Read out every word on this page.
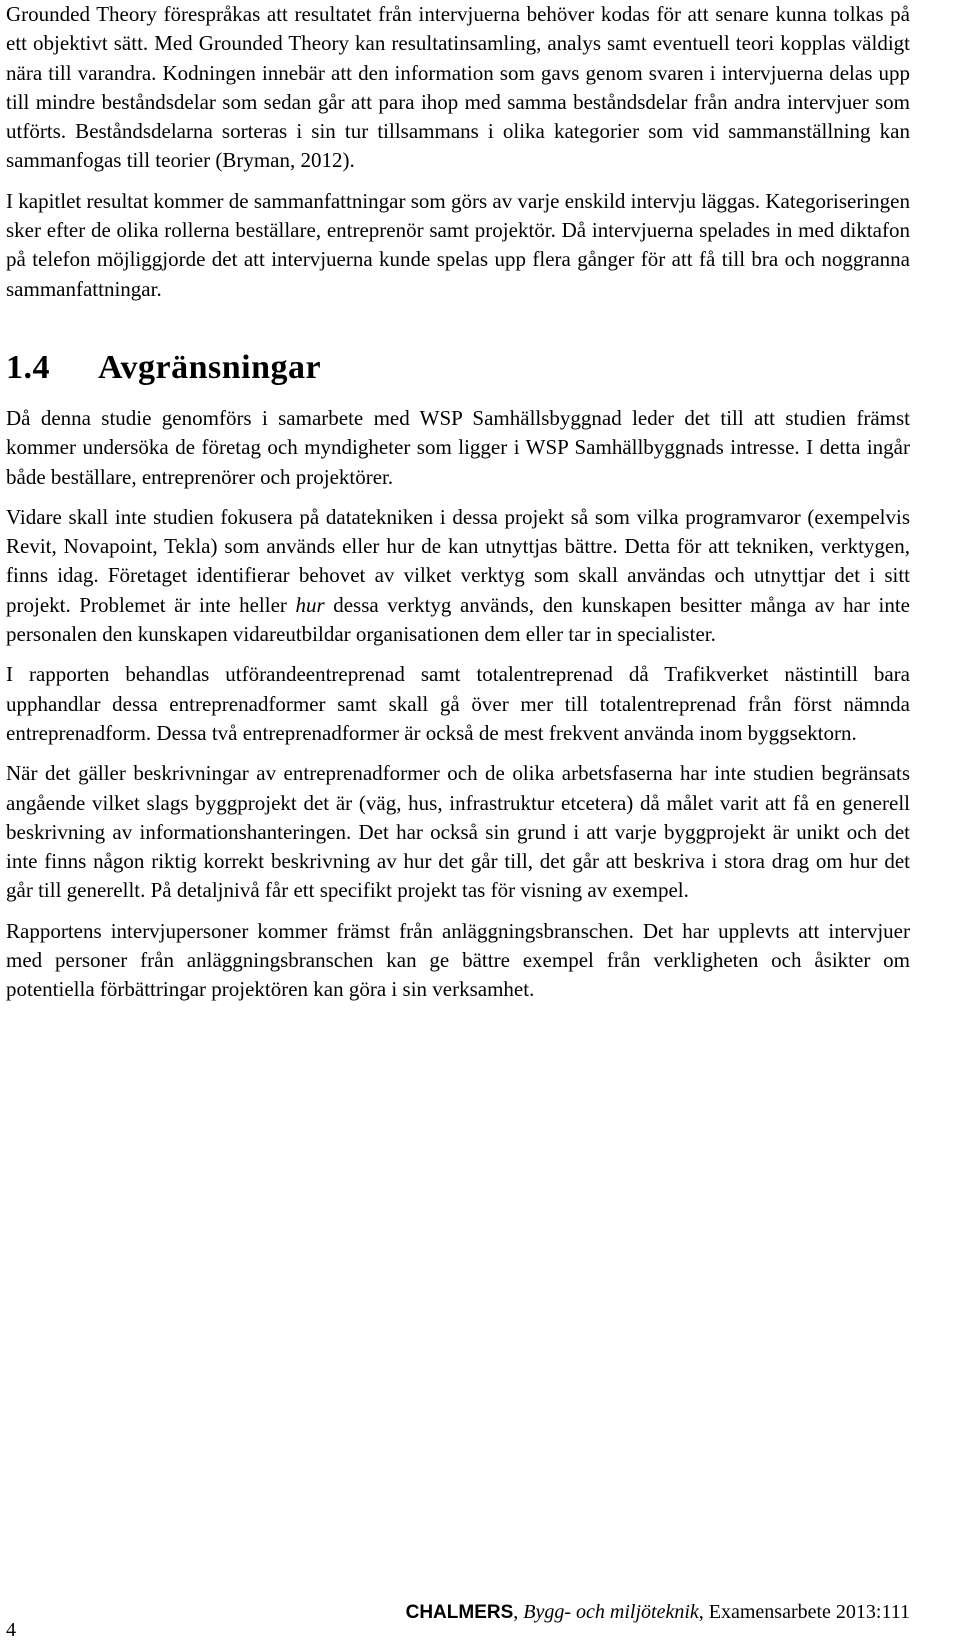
Grounded Theory förespråkas att resultatet från intervjuerna behöver kodas för att senare kunna tolkas på ett objektivt sätt. Med Grounded Theory kan resultatinsamling, analys samt eventuell teori kopplas väldigt nära till varandra. Kodningen innebär att den information som gavs genom svaren i intervjuerna delas upp till mindre beståndsdelar som sedan går att para ihop med samma beståndsdelar från andra intervjuer som utförts. Beståndsdelarna sorteras i sin tur tillsammans i olika kategorier som vid sammanställning kan sammanfogas till teorier (Bryman, 2012).

I kapitlet resultat kommer de sammanfattningar som görs av varje enskild intervju läggas. Kategoriseringen sker efter de olika rollerna beställare, entreprenör samt projektör. Då intervjuerna spelades in med diktafon på telefon möjliggjorde det att intervjuerna kunde spelas upp flera gånger för att få till bra och noggranna sammanfattningar.

1.4 Avgränsningar

Då denna studie genomförs i samarbete med WSP Samhällsbyggnad leder det till att studien främst kommer undersöka de företag och myndigheter som ligger i WSP Samhällbyggnads intresse. I detta ingår både beställare, entreprenörer och projektörer.

Vidare skall inte studien fokusera på datatekniken i dessa projekt så som vilka programvaror (exempelvis Revit, Novapoint, Tekla) som används eller hur de kan utnyttjas bättre. Detta för att tekniken, verktygen, finns idag. Företaget identifierar behovet av vilket verktyg som skall användas och utnyttjar det i sitt projekt. Problemet är inte heller hur dessa verktyg används, den kunskapen besitter många av har inte personalen den kunskapen vidareutbildar organisationen dem eller tar in specialister.

I rapporten behandlas utförandeentreprenad samt totalentreprenad då Trafikverket nästintill bara upphandlar dessa entreprenadformer samt skall gå över mer till totalentreprenad från först nämnda entreprenadform. Dessa två entreprenadformer är också de mest frekvent använda inom byggsektorn.

När det gäller beskrivningar av entreprenadformer och de olika arbetsfaserna har inte studien begränsats angående vilket slags byggprojekt det är (väg, hus, infrastruktur etcetera) då målet varit att få en generell beskrivning av informationshanteringen. Det har också sin grund i att varje byggprojekt är unikt och det inte finns någon riktig korrekt beskrivning av hur det går till, det går att beskriva i stora drag om hur det går till generellt. På detaljnivå får ett specifikt projekt tas för visning av exempel.

Rapportens intervjupersoner kommer främst från anläggningsbranschen. Det har upplevts att intervjuer med personer från anläggningsbranschen kan ge bättre exempel från verkligheten och åsikter om potentiella förbättringar projektören kan göra i sin verksamhet.

4
CHALMERS, Bygg- och miljöteknik, Examensarbete 2013:111
